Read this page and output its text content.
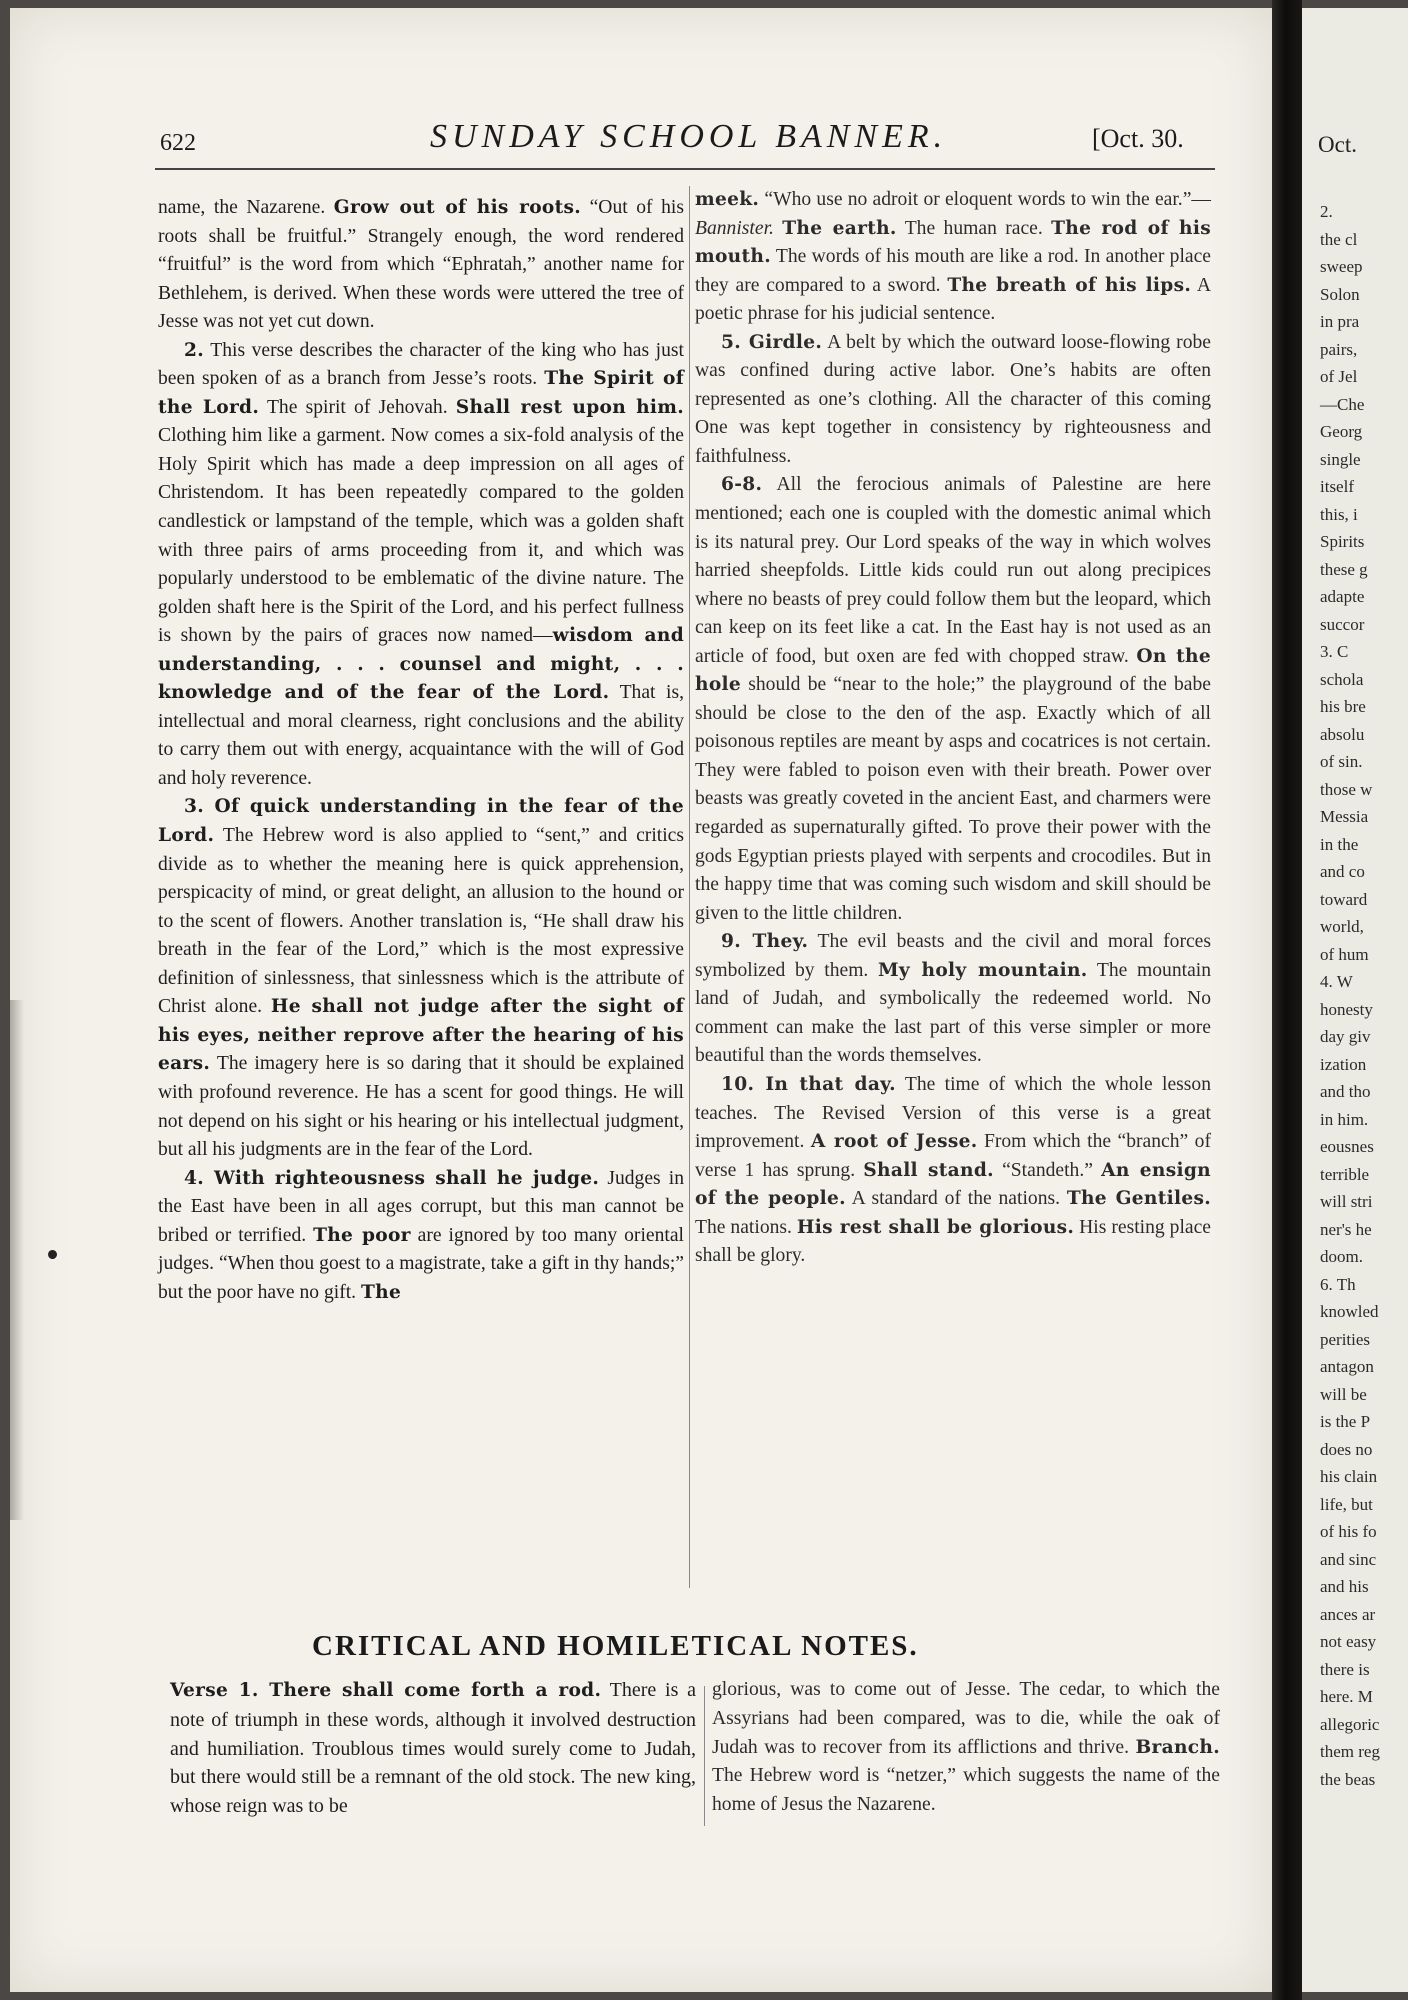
Oct.
2.
the cl
sweep
Solon
in pra
pairs,
of Jel
—Che
Georg
single
itself
this, i
Spirits
these g
adapte
succor
3. C
schola
his bre
absolu
of sin.
those w
Messia
in the
and co
toward
world,
of hum
4. W
honesty
day giv
ization
and tho
in him.
eousnes
terrible
will stri
ner's he
doom.
6. Th
knowled
perities
antagon
will be
is the P
does no
his clain
life, but
of his fo
and sinc
and his
ances ar
not easy
there is
here. M
allegoric
them reg
the beas
622	SUNDAY SCHOOL BANNER.	[Oct. 30.

name, the Nazarene. Grow out of his roots. “Out of his roots shall be fruitful.” Strangely enough, the word rendered “fruitful” is the word from which “Ephratah,” another name for Bethlehem, is derived. When these words were uttered the tree of Jesse was not yet cut down.

2. This verse describes the character of the king who has just been spoken of as a branch from Jesse’s roots. The Spirit of the Lord. The spirit of Jehovah. Shall rest upon him. Clothing him like a garment. Now comes a six-fold analysis of the Holy Spirit which has made a deep impression on all ages of Christendom. It has been repeatedly compared to the golden candlestick or lampstand of the temple, which was a golden shaft with three pairs of arms proceeding from it, and which was popularly understood to be emblematic of the divine nature. The golden shaft here is the Spirit of the Lord, and his perfect fullness is shown by the pairs of graces now named—wisdom and understanding, . . . counsel and might, . . . knowledge and of the fear of the Lord. That is, intellectual and moral clearness, right conclusions and the ability to carry them out with energy, acquaintance with the will of God and holy reverence.

3. Of quick understanding in the fear of the Lord. The Hebrew word is also applied to “sent,” and critics divide as to whether the meaning here is quick apprehension, perspicacity of mind, or great delight, an allusion to the hound or to the scent of flowers. Another translation is, “He shall draw his breath in the fear of the Lord,” which is the most expressive definition of sinlessness, that sinlessness which is the attribute of Christ alone. He shall not judge after the sight of his eyes, neither reprove after the hearing of his ears. The imagery here is so daring that it should be explained with profound reverence. He has a scent for good things. He will not depend on his sight or his hearing or his intellectual judgment, but all his judgments are in the fear of the Lord.

4. With righteousness shall he judge. Judges in the East have been in all ages corrupt, but this man cannot be bribed or terrified. The poor are ignored by too many oriental judges. “When thou goest to a magistrate, take a gift in thy hands;” but the poor have no gift. The

meek. “Who use no adroit or eloquent words to win the ear.”—Bannister. The earth. The human race. The rod of his mouth. The words of his mouth are like a rod. In another place they are compared to a sword. The breath of his lips. A poetic phrase for his judicial sentence.

5. Girdle. A belt by which the outward loose-flowing robe was confined during active labor. One’s habits are often represented as one’s clothing. All the character of this coming One was kept together in consistency by righteousness and faithfulness.

6-8. All the ferocious animals of Palestine are here mentioned; each one is coupled with the domestic animal which is its natural prey. Our Lord speaks of the way in which wolves harried sheepfolds. Little kids could run out along precipices where no beasts of prey could follow them but the leopard, which can keep on its feet like a cat. In the East hay is not used as an article of food, but oxen are fed with chopped straw. On the hole should be “near to the hole;” the playground of the babe should be close to the den of the asp. Exactly which of all poisonous reptiles are meant by asps and cocatrices is not certain. They were fabled to poison even with their breath. Power over beasts was greatly coveted in the ancient East, and charmers were regarded as supernaturally gifted. To prove their power with the gods Egyptian priests played with serpents and crocodiles. But in the happy time that was coming such wisdom and skill should be given to the little children.

9. They. The evil beasts and the civil and moral forces symbolized by them. My holy mountain. The mountain land of Judah, and symbolically the redeemed world. No comment can make the last part of this verse simpler or more beautiful than the words themselves.

10. In that day. The time of which the whole lesson teaches. The Revised Version of this verse is a great improvement. A root of Jesse. From which the “branch” of verse 1 has sprung. Shall stand. “Standeth.” An ensign of the people. A standard of the nations. The Gentiles. The nations. His rest shall be glorious. His resting place shall be glory.

CRITICAL AND HOMILETICAL NOTES.

Verse 1. There shall come forth a rod. There is a note of triumph in these words, although it involved destruction and humiliation. Troublous times would surely come to Judah, but there would still be a remnant of the old stock. The new king, whose reign was to be

glorious, was to come out of Jesse. The cedar, to which the Assyrians had been compared, was to die, while the oak of Judah was to recover from its afflictions and thrive. Branch. The Hebrew word is “netzer,” which suggests the name of the home of Jesus the Nazarene.
